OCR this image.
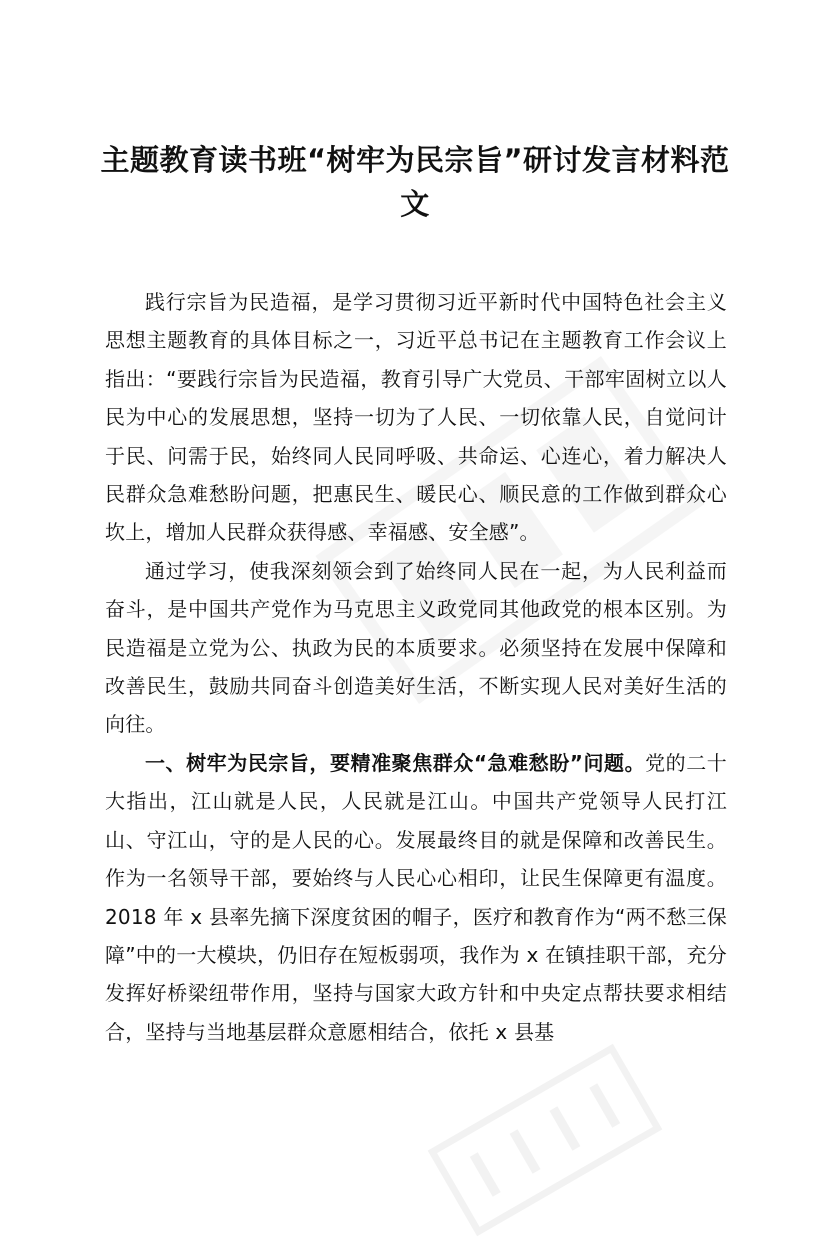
主题教育读书班“树牢为民宗旨”研讨发言材料范文

践行宗旨为民造福，是学习贯彻习近平新时代中国特色社会主义思想主题教育的具体目标之一，习近平总书记在主题教育工作会议上指出：“要践行宗旨为民造福，教育引导广大党员、干部牢固树立以人民为中心的发展思想，坚持一切为了人民、一切依靠人民，自觉问计于民、问需于民，始终同人民同呼吸、共命运、心连心，着力解决人民群众急难愁盼问题，把惠民生、暖民心、顺民意的工作做到群众心坎上，增加人民群众获得感、幸福感、安全感”。

通过学习，使我深刻领会到了始终同人民在一起，为人民利益而奋斗，是中国共产党作为马克思主义政党同其他政党的根本区别。为民造福是立党为公、执政为民的本质要求。必须坚持在发展中保障和改善民生，鼓励共同奋斗创造美好生活，不断实现人民对美好生活的向往。

一、树牢为民宗旨，要精准聚焦群众“急难愁盼”问题。党的二十大指出，江山就是人民，人民就是江山。中国共产党领导人民打江山、守江山，守的是人民的心。发展最终目的就是保障和改善民生。作为一名领导干部，要始终与人民心心相印，让民生保障更有温度。2018 年 x 县率先摘下深度贫困的帽子，医疗和教育作为“两不愁三保障”中的一大模块，仍旧存在短板弱项，我作为 x 在镇挂职干部，充分发挥好桥梁纽带作用，坚持与国家大政方针和中央定点帮扶要求相结合，坚持与当地基层群众意愿相结合，依托 x 县基
